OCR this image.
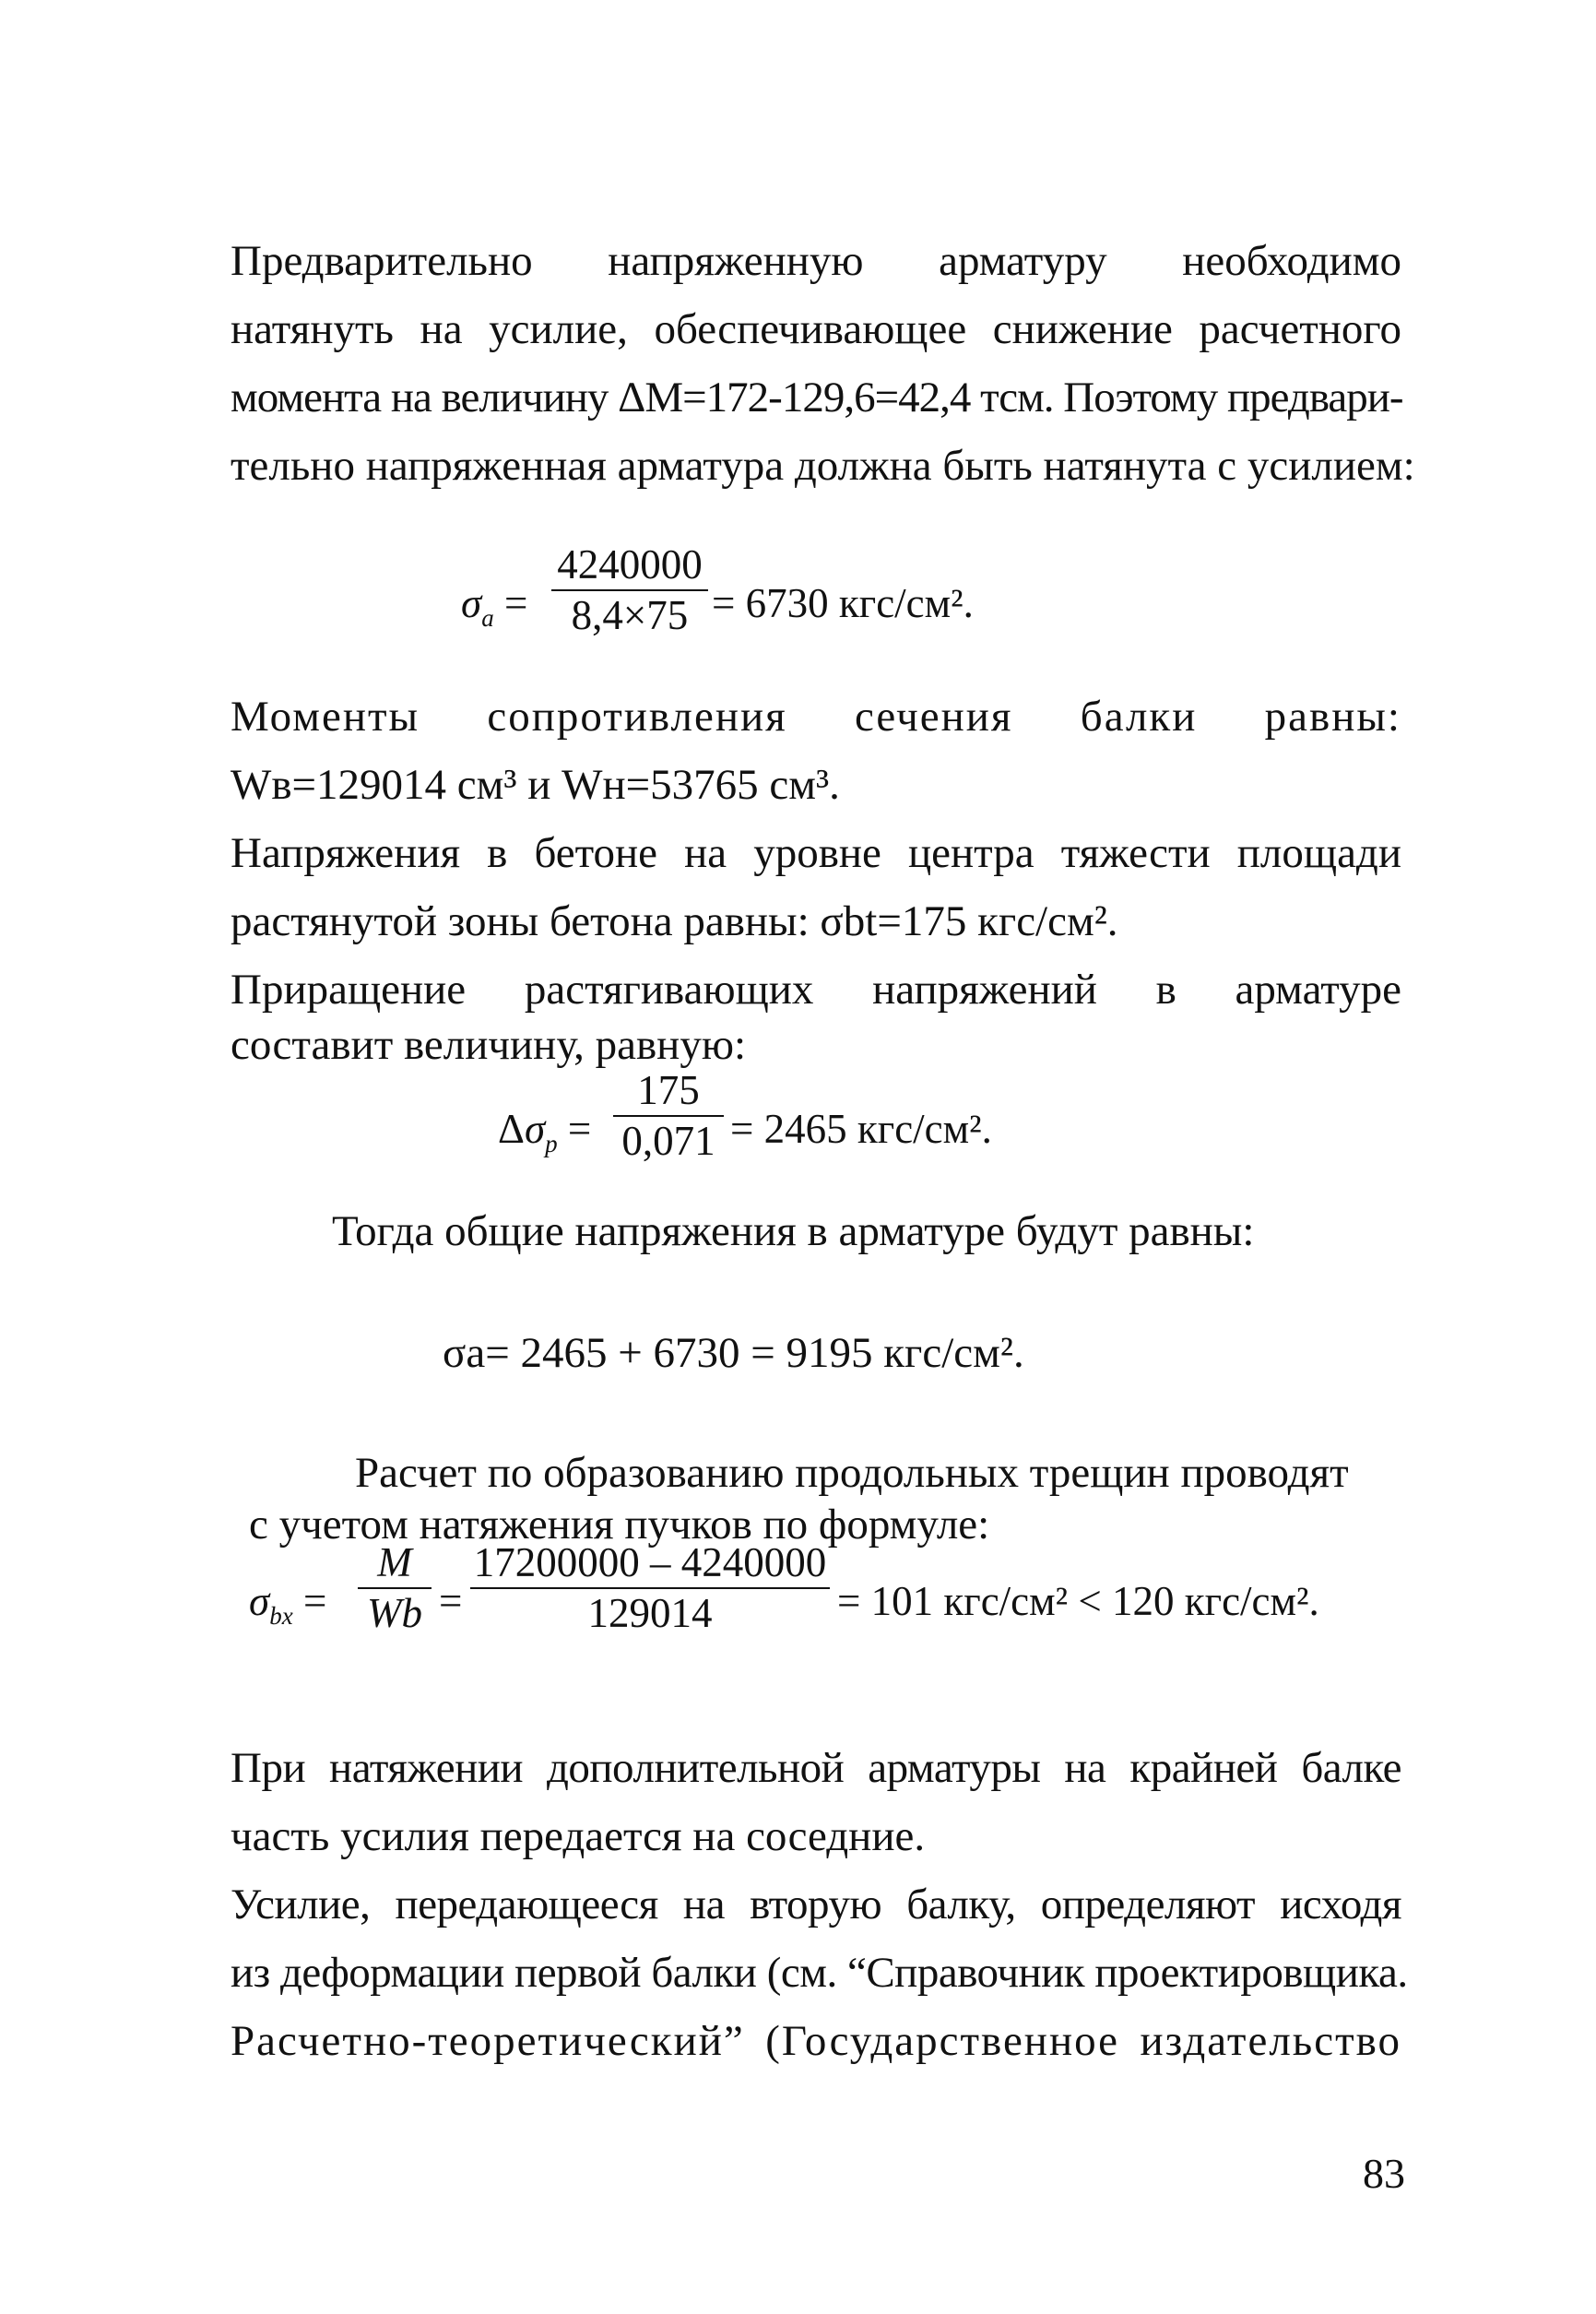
Предварительно напряженную арматуру необходимо

натянуть на усилие, обеспечивающее снижение расчетного

момента на величину ΔM=172-129,6=42,4 тсм. Поэтому предвари-

тельно напряженная арматура должна быть натянута с усилием:

$\sigma_a$ =
4240000
8,4×75 = 6730 кгс/см².

Моменты сопротивления сечения балки равны:

Wв=129014 см³ и Wн=53765 см³.

Напряжения в бетоне на уровне центра тяжести площади

растянутой зоны бетона равны: σbt=175 кгс/см².

Приращение растягивающих напряжений в арматуре

составит величину, равную:

$\Delta\sigma_p$ =
175
0,071 = 2465 кгс/см².

Тогда общие напряжения в арматуре будут равны:

σa= 2465 + 6730 = 9195 кгс/см².

Расчет по образованию продольных трещин проводят

с учетом натяжения пучков по формуле:

$\sigma_{bx}$ =
M
Wb =
17200000 – 4240000
129014	= 101 кгс/см² < 120 кгс/см².

При натяжении дополнительной арматуры на крайней балке

часть усилия передается на соседние.

Усилие, передающееся на вторую балку, определяют исходя

из деформации первой балки (см. “Справочник проектировщика.

Расчетно-теоретический” (Государственное издательство

83
